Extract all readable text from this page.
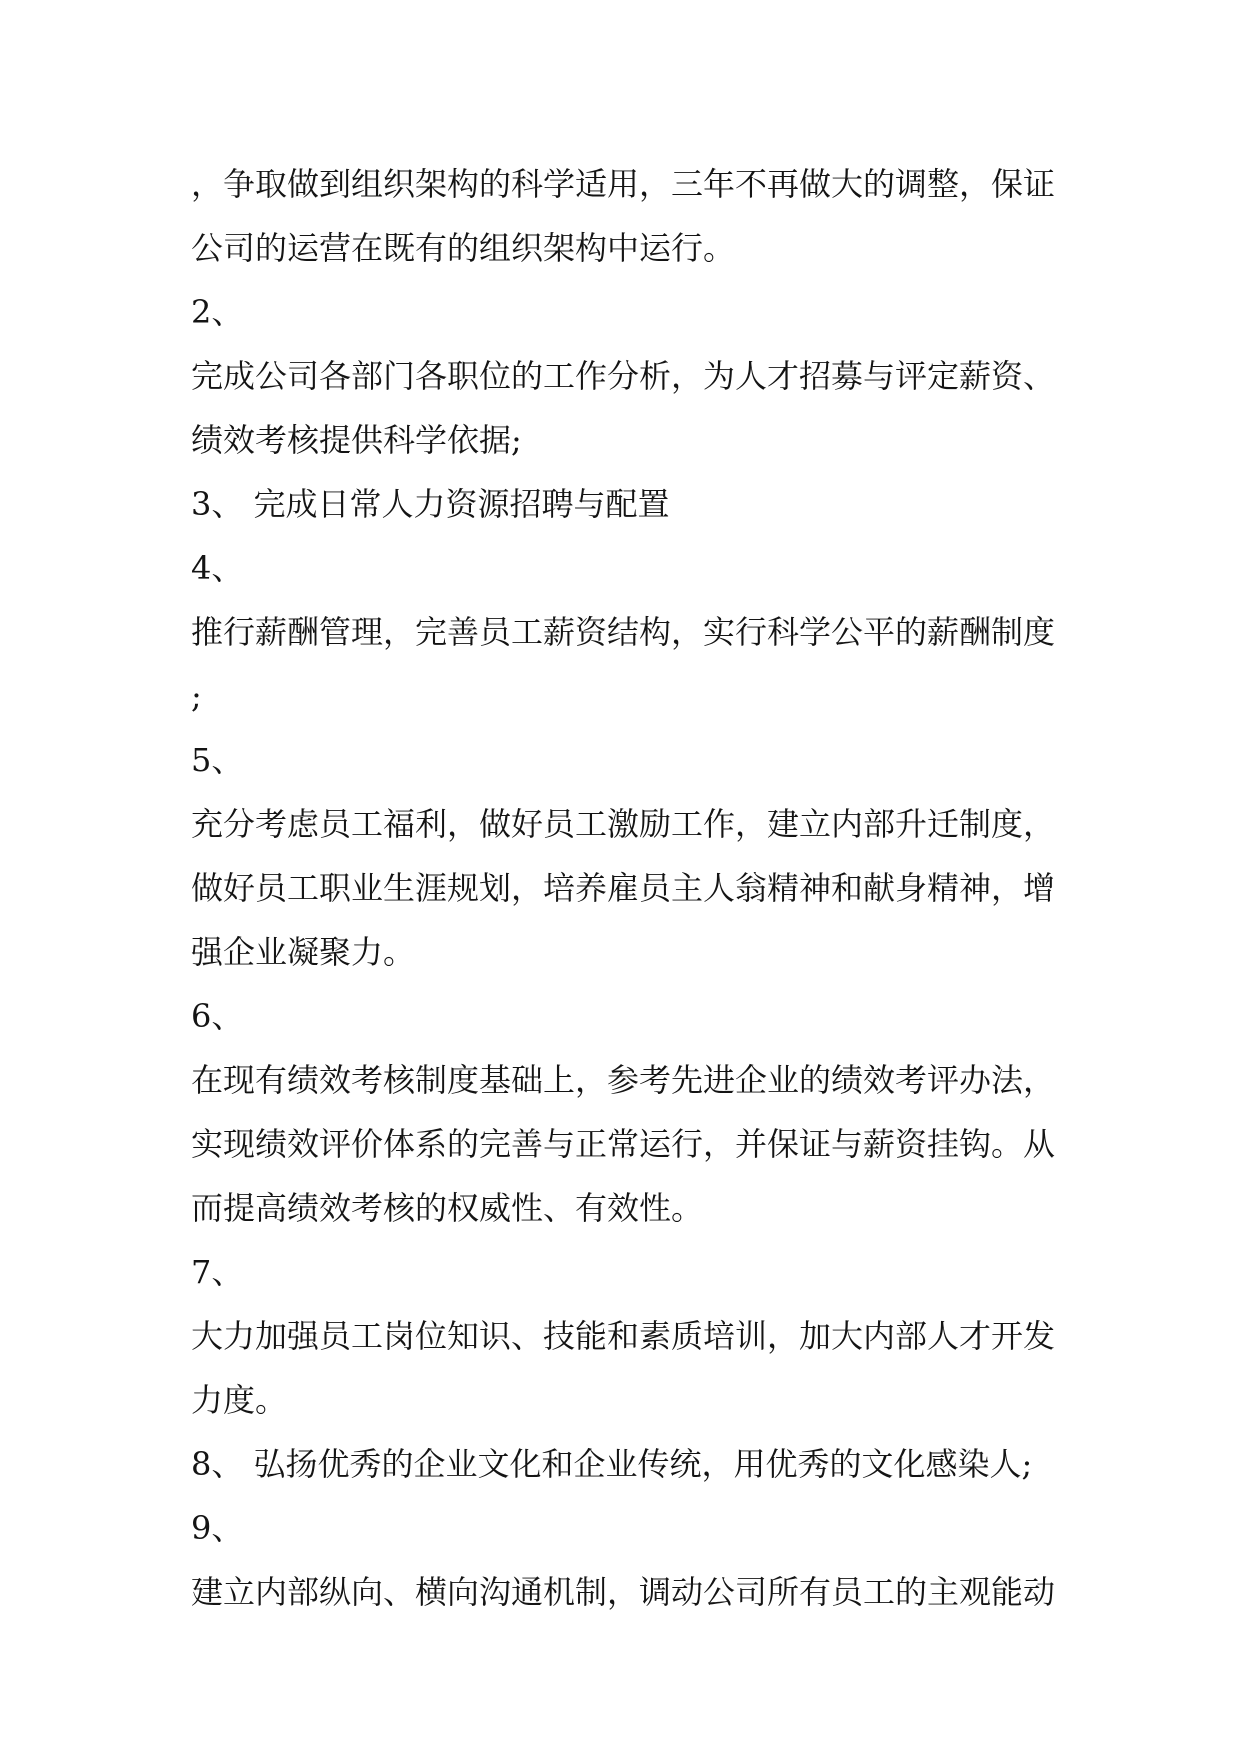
，争取做到组织架构的科学适用，三年不再做大的调整，保证

公司的运营在既有的组织架构中运行。

2、

完成公司各部门各职位的工作分析，为人才招募与评定薪资、

绩效考核提供科学依据;

3、 完成日常人力资源招聘与配置

4、

推行薪酬管理，完善员工薪资结构，实行科学公平的薪酬制度

;

5、

充分考虑员工福利，做好员工激励工作，建立内部升迁制度，

做好员工职业生涯规划，培养雇员主人翁精神和献身精神，增

强企业凝聚力。

6、

在现有绩效考核制度基础上，参考先进企业的绩效考评办法，

实现绩效评价体系的完善与正常运行，并保证与薪资挂钩。从

而提高绩效考核的权威性、有效性。

7、

大力加强员工岗位知识、技能和素质培训，加大内部人才开发

力度。

8、 弘扬优秀的企业文化和企业传统，用优秀的文化感染人;

9、

建立内部纵向、横向沟通机制，调动公司所有员工的主观能动
